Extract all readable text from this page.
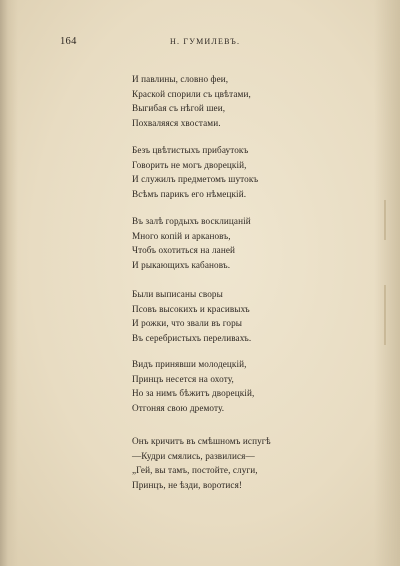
164	Н. ГУМИЛЕВЪ.
И павлины, словно феи,
Краской спорили съ цвѣтами,
Выгибая съ нѣгой шеи,
Похваляяся хвостами.
Безъ цвѣтистыхъ прибаутокъ
Говорить не могъ дворецкій,
И служилъ предметомъ шутокъ
Всѣмъ парикъ его нѣмецкій.
Въ залѣ гордыхъ восклицаній
Много копій и аркановъ,
Чтобъ охотиться на ланей
И рыкающихъ кабановъ.
Были выписаны своры
Псовъ высокихъ и красивыхъ
И рожки, что звали въ горы
Въ серебристыхъ переливахъ.
Видъ принявши молодецкій,
Принцъ несется на охоту,
Но за нимъ бѣжитъ дворецкій,
Отгоняя свою дремоту.
Онъ кричитъ въ смѣшномъ испугѣ
—Кудри смялись, развилися—
„Гей, вы тамъ, постойте, слуги,
Принцъ, не ѣзди, воротися!
